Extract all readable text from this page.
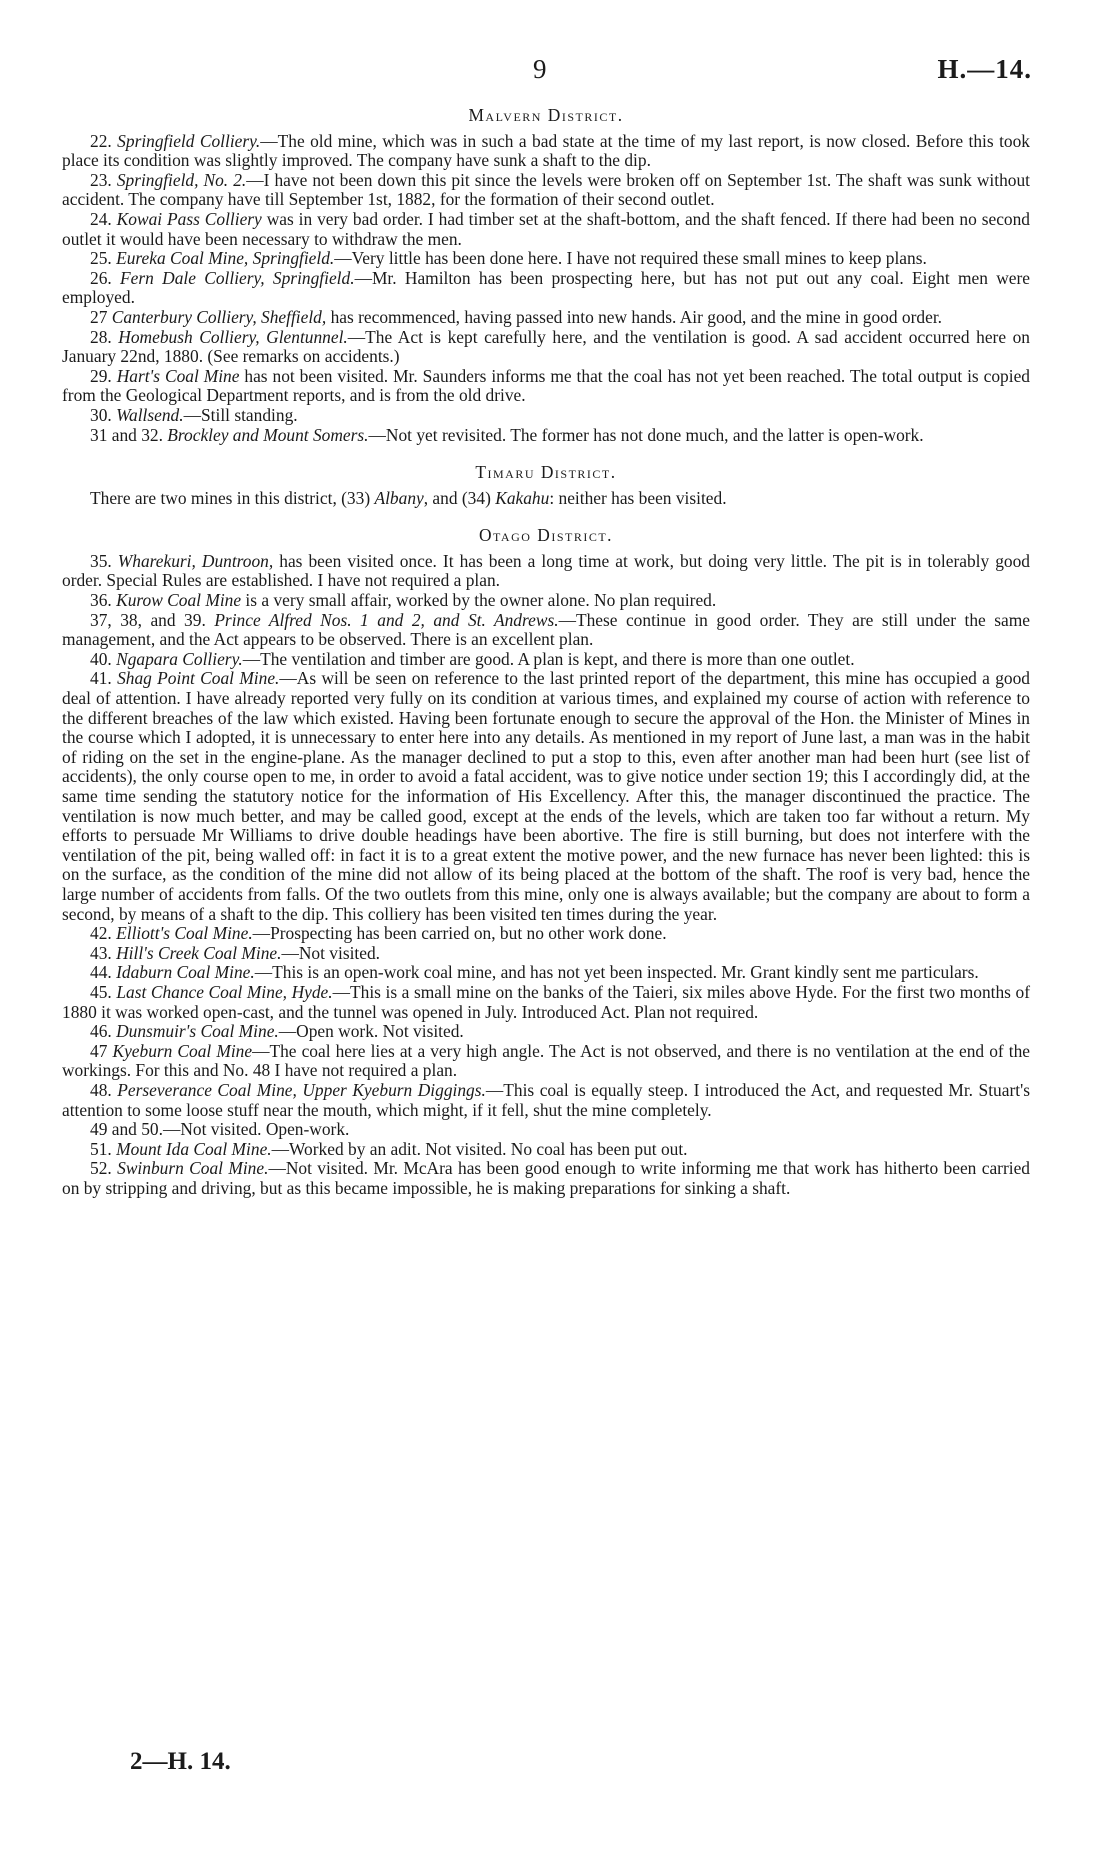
9	H.—14.
Malvern District.

22. Springfield Colliery.—The old mine, which was in such a bad state at the time of my last report, is now closed. Before this took place its condition was slightly improved. The company have sunk a shaft to the dip.

23. Springfield, No. 2.—I have not been down this pit since the levels were broken off on September 1st. The shaft was sunk without accident. The company have till September 1st, 1882, for the formation of their second outlet.

24. Kowai Pass Colliery was in very bad order. I had timber set at the shaft-bottom, and the shaft fenced. If there had been no second outlet it would have been necessary to withdraw the men.

25. Eureka Coal Mine, Springfield.—Very little has been done here. I have not required these small mines to keep plans.

26. Fern Dale Colliery, Springfield.—Mr. Hamilton has been prospecting here, but has not put out any coal. Eight men were employed.

27 Canterbury Colliery, Sheffield, has recommenced, having passed into new hands. Air good, and the mine in good order.

28. Homebush Colliery, Glentunnel.—The Act is kept carefully here, and the ventilation is good. A sad accident occurred here on January 22nd, 1880. (See remarks on accidents.)

29. Hart's Coal Mine has not been visited. Mr. Saunders informs me that the coal has not yet been reached. The total output is copied from the Geological Department reports, and is from the old drive.

30. Wallsend.—Still standing.

31 and 32. Brockley and Mount Somers.—Not yet revisited. The former has not done much, and the latter is open-work.

Timaru District.

There are two mines in this district, (33) Albany, and (34) Kakahu: neither has been visited.

Otago District.

35. Wharekuri, Duntroon, has been visited once. It has been a long time at work, but doing very little. The pit is in tolerably good order. Special Rules are established. I have not required a plan.

36. Kurow Coal Mine is a very small affair, worked by the owner alone. No plan required.

37, 38, and 39. Prince Alfred Nos. 1 and 2, and St. Andrews.—These continue in good order. They are still under the same management, and the Act appears to be observed. There is an excellent plan.

40. Ngapara Colliery.—The ventilation and timber are good. A plan is kept, and there is more than one outlet.

41. Shag Point Coal Mine.—As will be seen on reference to the last printed report of the department, this mine has occupied a good deal of attention. I have already reported very fully on its condition at various times, and explained my course of action with reference to the different breaches of the law which existed. Having been fortunate enough to secure the approval of the Hon. the Minister of Mines in the course which I adopted, it is unnecessary to enter here into any details. As mentioned in my report of June last, a man was in the habit of riding on the set in the engine-plane. As the manager declined to put a stop to this, even after another man had been hurt (see list of accidents), the only course open to me, in order to avoid a fatal accident, was to give notice under section 19; this I accordingly did, at the same time sending the statutory notice for the information of His Excellency. After this, the manager discontinued the practice. The ventilation is now much better, and may be called good, except at the ends of the levels, which are taken too far without a return. My efforts to persuade Mr Williams to drive double headings have been abortive. The fire is still burning, but does not interfere with the ventilation of the pit, being walled off: in fact it is to a great extent the motive power, and the new furnace has never been lighted: this is on the surface, as the condition of the mine did not allow of its being placed at the bottom of the shaft. The roof is very bad, hence the large number of accidents from falls. Of the two outlets from this mine, only one is always available; but the company are about to form a second, by means of a shaft to the dip. This colliery has been visited ten times during the year.

42. Elliott's Coal Mine.—Prospecting has been carried on, but no other work done.

43. Hill's Creek Coal Mine.—Not visited.

44. Idaburn Coal Mine.—This is an open-work coal mine, and has not yet been inspected. Mr. Grant kindly sent me particulars.

45. Last Chance Coal Mine, Hyde.—This is a small mine on the banks of the Taieri, six miles above Hyde. For the first two months of 1880 it was worked open-cast, and the tunnel was opened in July. Introduced Act. Plan not required.

46. Dunsmuir's Coal Mine.—Open work. Not visited.

47 Kyeburn Coal Mine—The coal here lies at a very high angle. The Act is not observed, and there is no ventilation at the end of the workings. For this and No. 48 I have not required a plan.

48. Perseverance Coal Mine, Upper Kyeburn Diggings.—This coal is equally steep. I introduced the Act, and requested Mr. Stuart's attention to some loose stuff near the mouth, which might, if it fell, shut the mine completely.

49 and 50.—Not visited. Open-work.

51. Mount Ida Coal Mine.—Worked by an adit. Not visited. No coal has been put out.

52. Swinburn Coal Mine.—Not visited. Mr. McAra has been good enough to write informing me that work has hitherto been carried on by stripping and driving, but as this became impossible, he is making preparations for sinking a shaft.

2—H. 14.
